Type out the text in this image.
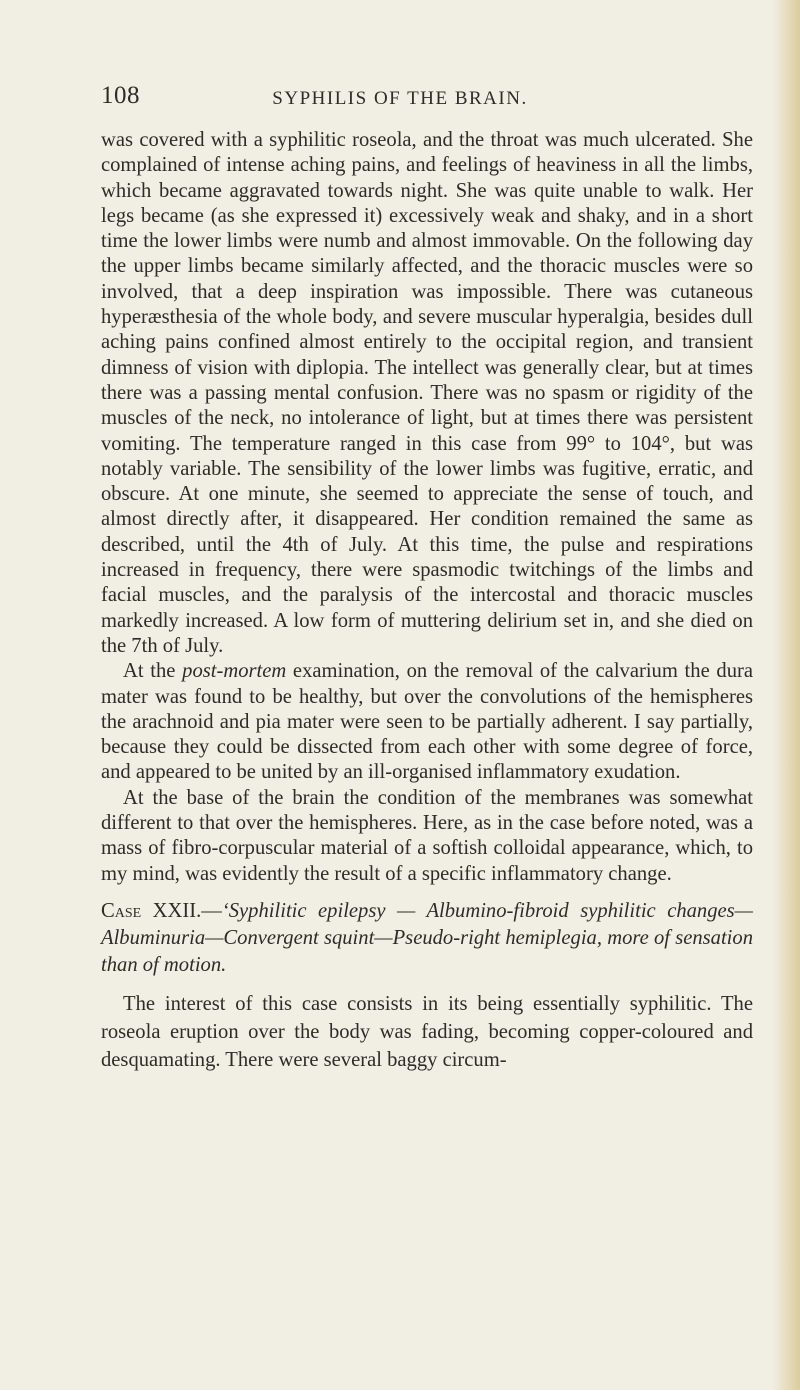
108	SYPHILIS OF THE BRAIN.

was covered with a syphilitic roseola, and the throat was much ulcerated. She complained of intense aching pains, and feelings of heaviness in all the limbs, which became aggravated towards night. She was quite unable to walk. Her legs became (as she expressed it) excessively weak and shaky, and in a short time the lower limbs were numb and almost immovable. On the following day the upper limbs became similarly affected, and the thoracic muscles were so involved, that a deep inspiration was impossible. There was cutaneous hyperæsthesia of the whole body, and severe muscular hyperalgia, besides dull aching pains confined almost entirely to the occipital region, and transient dimness of vision with diplopia. The intellect was generally clear, but at times there was a passing mental confusion. There was no spasm or rigidity of the muscles of the neck, no intolerance of light, but at times there was persistent vomiting. The temperature ranged in this case from 99° to 104°, but was notably variable. The sensibility of the lower limbs was fugitive, erratic, and obscure. At one minute, she seemed to appreciate the sense of touch, and almost directly after, it disappeared. Her condition remained the same as described, until the 4th of July. At this time, the pulse and respirations increased in frequency, there were spasmodic twitchings of the limbs and facial muscles, and the paralysis of the intercostal and thoracic muscles markedly increased. A low form of muttering delirium set in, and she died on the 7th of July.

At the post-mortem examination, on the removal of the calvarium the dura mater was found to be healthy, but over the convolutions of the hemispheres the arachnoid and pia mater were seen to be partially adherent. I say partially, because they could be dissected from each other with some degree of force, and appeared to be united by an ill-organised inflammatory exudation.

At the base of the brain the condition of the membranes was somewhat different to that over the hemispheres. Here, as in the case before noted, was a mass of fibro-corpuscular material of a softish colloidal appearance, which, to my mind, was evidently the result of a specific inflammatory change.

Case XXII.—‘Syphilitic epilepsy — Albumino-fibroid syphilitic changes—Albuminuria—Convergent squint—Pseudo-right hemiplegia, more of sensation than of motion.

The interest of this case consists in its being essentially syphilitic. The roseola eruption over the body was fading, becoming copper-coloured and desquamating. There were several baggy circum-
